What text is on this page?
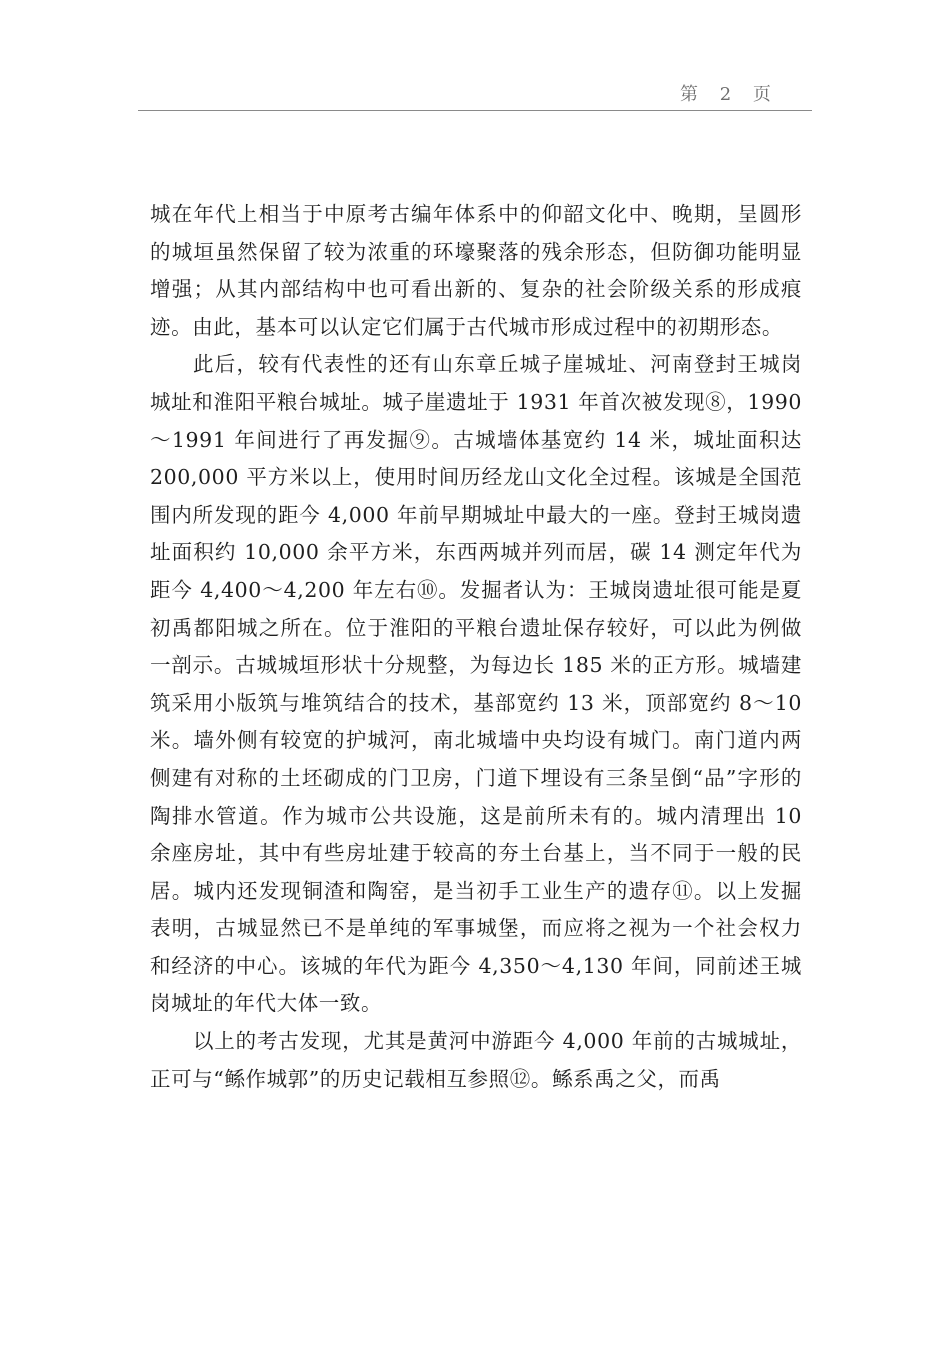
第 2 页

城在年代上相当于中原考古编年体系中的仰韶文化中、晚期，呈圆形的城垣虽然保留了较为浓重的环壕聚落的残余形态，但防御功能明显增强；从其内部结构中也可看出新的、复杂的社会阶级关系的形成痕迹。由此，基本可以认定它们属于古代城市形成过程中的初期形态。

此后，较有代表性的还有山东章丘城子崖城址、河南登封王城岗城址和淮阳平粮台城址。城子崖遗址于 1931 年首次被发现⑧，1990～1991 年间进行了再发掘⑨。古城墙体基宽约 14 米，城址面积达 200,000 平方米以上，使用时间历经龙山文化全过程。该城是全国范围内所发现的距今 4,000 年前早期城址中最大的一座。登封王城岗遗址面积约 10,000 余平方米，东西两城并列而居，碳 14 测定年代为距今 4,400～4,200 年左右⑩。发掘者认为：王城岗遗址很可能是夏初禹都阳城之所在。位于淮阳的平粮台遗址保存较好，可以此为例做一剖示。古城城垣形状十分规整，为每边长 185 米的正方形。城墙建筑采用小版筑与堆筑结合的技术，基部宽约 13 米，顶部宽约 8～10 米。墙外侧有较宽的护城河，南北城墙中央均设有城门。南门道内两侧建有对称的土坯砌成的门卫房，门道下埋设有三条呈倒“品”字形的陶排水管道。作为城市公共设施，这是前所未有的。城内清理出 10 余座房址，其中有些房址建于较高的夯土台基上，当不同于一般的民居。城内还发现铜渣和陶窑，是当初手工业生产的遗存⑪。以上发掘表明，古城显然已不是单纯的军事城堡，而应将之视为一个社会权力和经济的中心。该城的年代为距今 4,350～4,130 年间，同前述王城岗城址的年代大体一致。

以上的考古发现，尤其是黄河中游距今 4,000 年前的古城城址，正可与“鲧作城郭”的历史记载相互参照⑫。鲧系禹之父，而禹
